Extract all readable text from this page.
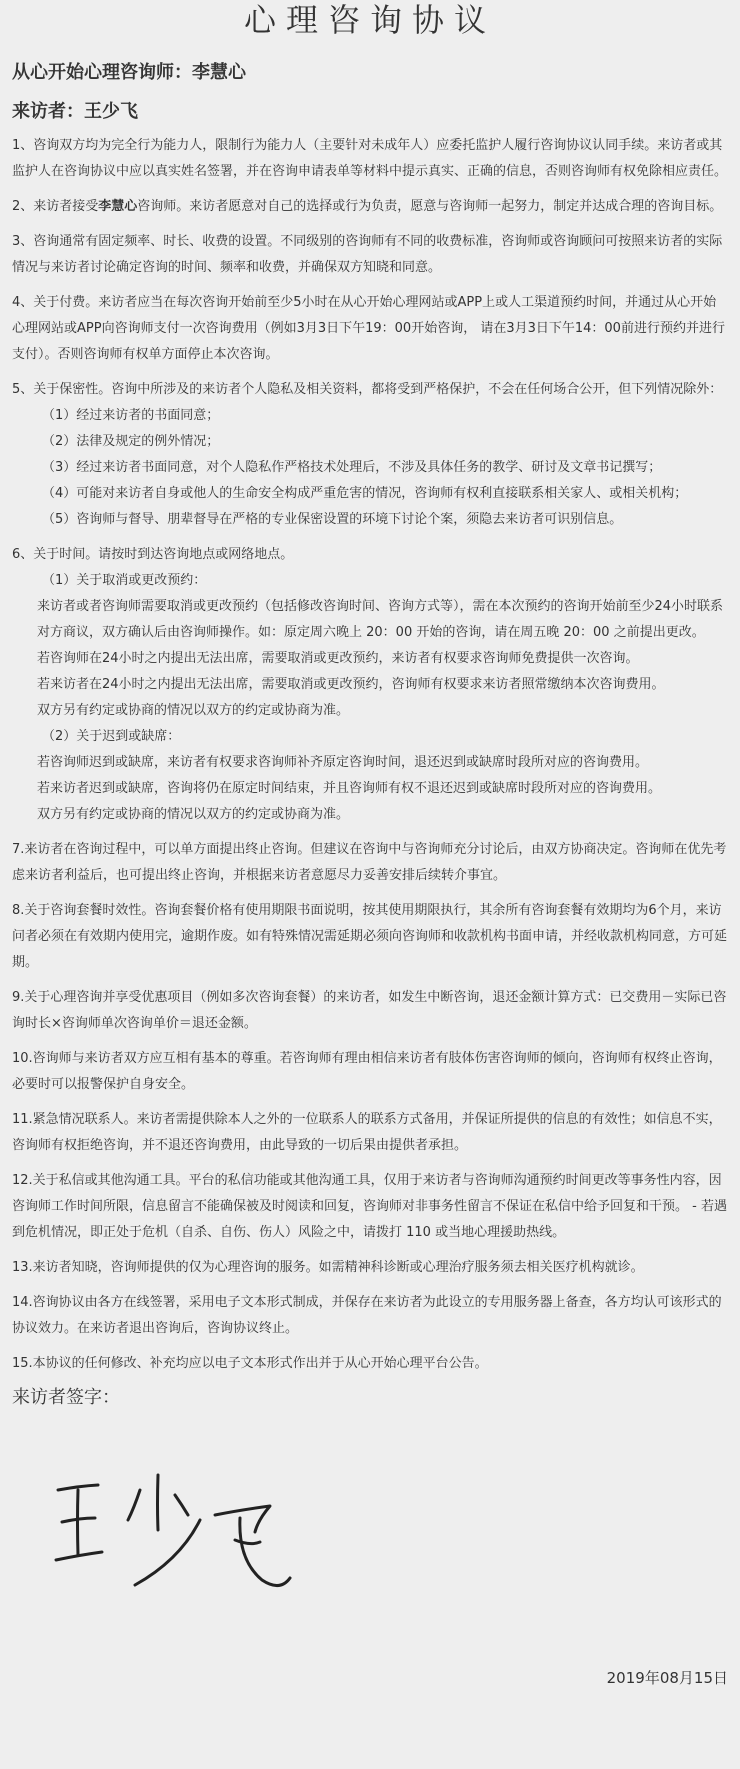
心理咨询协议
从心开始心理咨询师：李慧心
来访者：王少飞

1、咨询双方均为完全行为能力人，限制行为能力人（主要针对未成年人）应委托监护人履行咨询协议认同手续。来访者或其监护人在咨询协议中应以真实姓名签署，并在咨询申请表单等材料中提示真实、正确的信息，否则咨询师有权免除相应责任。

2、来访者接受李慧心咨询师。来访者愿意对自己的选择或行为负责，愿意与咨询师一起努力，制定并达成合理的咨询目标。

3、咨询通常有固定频率、时长、收费的设置。不同级别的咨询师有不同的收费标准，咨询师或咨询顾问可按照来访者的实际情况与来访者讨论确定咨询的时间、频率和收费，并确保双方知晓和同意。

4、关于付费。来访者应当在每次咨询开始前至少5小时在从心开始心理网站或APP上或人工渠道预约时间，并通过从心开始心理网站或APP向咨询师支付一次咨询费用（例如3月3日下午19：00开始咨询， 请在3月3日下午14：00前进行预约并进行支付）。否则咨询师有权单方面停止本次咨询。

5、关于保密性。咨询中所涉及的来访者个人隐私及相关资料，都将受到严格保护，不会在任何场合公开，但下列情况除外：
（1）经过来访者的书面同意；
（2）法律及规定的例外情况；
（3）经过来访者书面同意，对个人隐私作严格技术处理后，不涉及具体任务的教学、研讨及文章书记撰写；
（4）可能对来访者自身或他人的生命安全构成严重危害的情况，咨询师有权利直接联系相关家人、或相关机构；
（5）咨询师与督导、朋辈督导在严格的专业保密设置的环境下讨论个案，须隐去来访者可识别信息。
6、关于时间。请按时到达咨询地点或网络地点。
（1）关于取消或更改预约：
来访者或者咨询师需要取消或更改预约（包括修改咨询时间、咨询方式等），需在本次预约的咨询开始前至少24小时联系对方商议，双方确认后由咨询师操作。如：原定周六晚上 20：00 开始的咨询，请在周五晚 20：00 之前提出更改。
若咨询师在24小时之内提出无法出席，需要取消或更改预约，来访者有权要求咨询师免费提供一次咨询。
若来访者在24小时之内提出无法出席，需要取消或更改预约，咨询师有权要求来访者照常缴纳本次咨询费用。
双方另有约定或协商的情况以双方的约定或协商为准。
（2）关于迟到或缺席：
若咨询师迟到或缺席，来访者有权要求咨询师补齐原定咨询时间，退还迟到或缺席时段所对应的咨询费用。
若来访者迟到或缺席，咨询将仍在原定时间结束，并且咨询师有权不退还迟到或缺席时段所对应的咨询费用。
双方另有约定或协商的情况以双方的约定或协商为准。

7.来访者在咨询过程中，可以单方面提出终止咨询。但建议在咨询中与咨询师充分讨论后，由双方协商决定。咨询师在优先考虑来访者利益后，也可提出终止咨询，并根据来访者意愿尽力妥善安排后续转介事宜。

8.关于咨询套餐时效性。咨询套餐价格有使用期限书面说明，按其使用期限执行，其余所有咨询套餐有效期均为6个月，来访问者必须在有效期内使用完，逾期作废。如有特殊情况需延期必须向咨询师和收款机构书面申请，并经收款机构同意，方可延期。

9.关于心理咨询并享受优惠项目（例如多次咨询套餐）的来访者，如发生中断咨询，退还金额计算方式：已交费用－实际已咨询时长×咨询师单次咨询单价＝退还金额。

10.咨询师与来访者双方应互相有基本的尊重。若咨询师有理由相信来访者有肢体伤害咨询师的倾向，咨询师有权终止咨询，必要时可以报警保护自身安全。

11.紧急情况联系人。来访者需提供除本人之外的一位联系人的联系方式备用，并保证所提供的信息的有效性；如信息不实，咨询师有权拒绝咨询，并不退还咨询费用，由此导致的一切后果由提供者承担。

12.关于私信或其他沟通工具。平台的私信功能或其他沟通工具，仅用于来访者与咨询师沟通预约时间更改等事务性内容，因咨询师工作时间所限，信息留言不能确保被及时阅读和回复，咨询师对非事务性留言不保证在私信中给予回复和干预。 - 若遇到危机情况，即正处于危机（自杀、自伤、伤人）风险之中，请拨打 110 或当地心理援助热线。

13.来访者知晓，咨询师提供的仅为心理咨询的服务。如需精神科诊断或心理治疗服务须去相关医疗机构就诊。

14.咨询协议由各方在线签署，采用电子文本形式制成，并保存在来访者为此设立的专用服务器上备查，各方均认可该形式的协议效力。在来访者退出咨询后，咨询协议终止。

15.本协议的任何修改、补充均应以电子文本形式作出并于从心开始心理平台公告。

来访者签字：
2019年08月15日
